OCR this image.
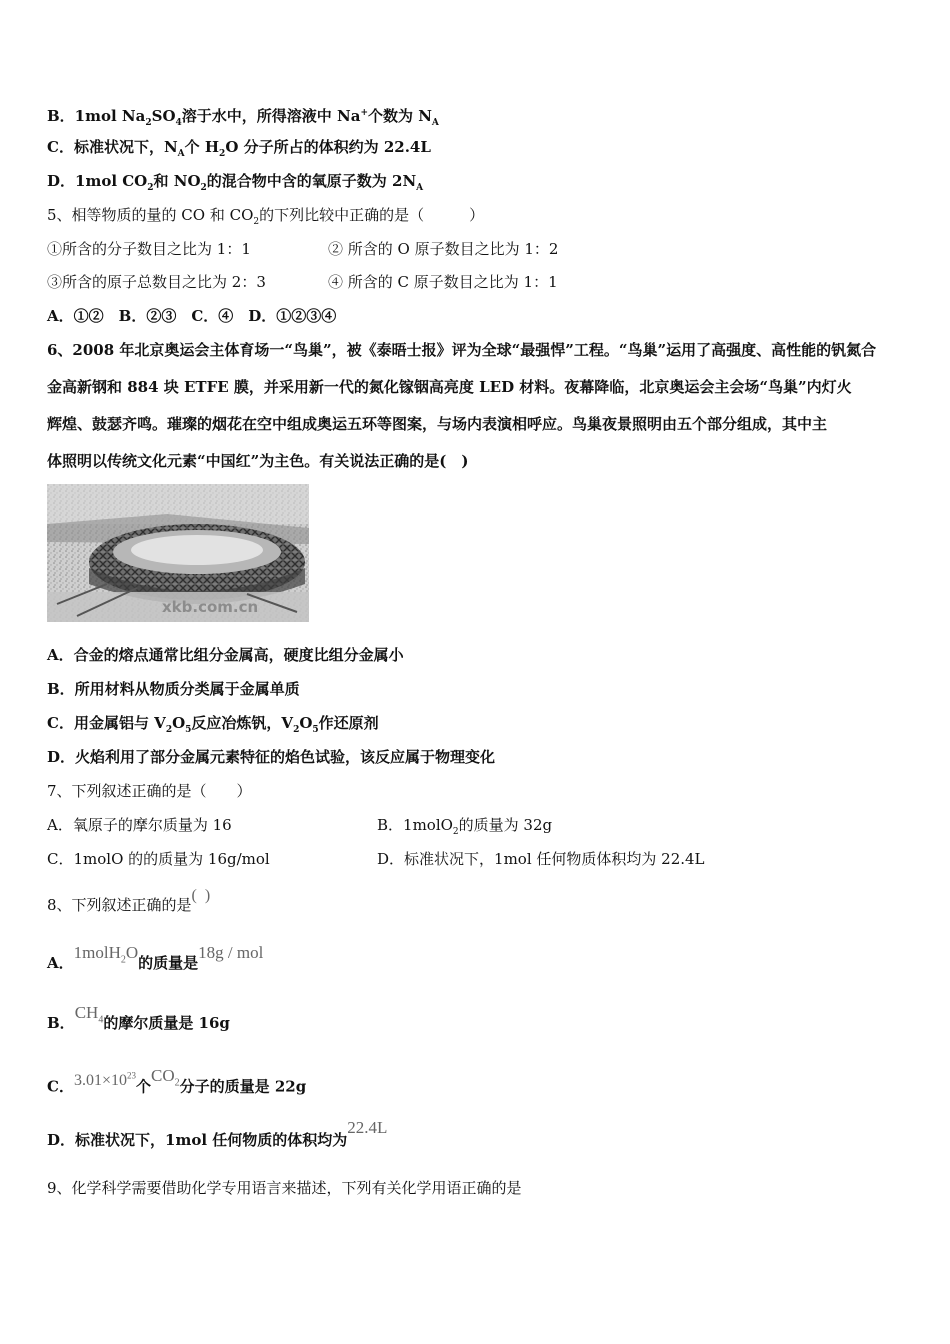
B．1mol $Na_2SO_4$溶于水中，所得溶液中 Na+个数为 $N_A$
C．标准状况下，$N_A$个 $H_2O$ 分子所占的体积约为 22.4L
D．1mol $CO_2$和 $NO_2$的混合物中含的氧原子数为 $2N_A$
5、相等物质的量的 CO 和 $CO_2$的下列比较中正确的是（　　　）
①所含的分子数目之比为 1：1	② 所含的 O 原子数目之比为 1：2
③所含的原子总数目之比为 2：3	④ 所含的 C 原子数目之比为 1：1
A．①②　B．②③　C．④　D．①②③④
6、2008 年北京奥运会主体育场一“鸟巢”，被《泰晤士报》评为全球“最强悍”工程。“鸟巢”运用了高强度、高性能的钒氮合
金高新钢和 884 块 ETFE 膜，并采用新一代的氮化镓铟高亮度 LED 材料。夜幕降临，北京奥运会主会场“鸟巢”内灯火
辉煌、鼓瑟齐鸣。璀璨的烟花在空中组成奥运五环等图案，与场内表演相呼应。鸟巢夜景照明由五个部分组成，其中主
体照明以传统文化元素“中国红”为主色。有关说法正确的是(　)
xkb.com.cn
A．合金的熔点通常比组分金属高，硬度比组分金属小
B．所用材料从物质分类属于金属单质
C．用金属铝与 $V_2O_5$反应冶炼钒，$V_2O_5$作还原剂
D．火焰利用了部分金属元素特征的焰色试验，该反应属于物理变化
7、下列叙述正确的是（　　）
A．氧原子的摩尔质量为 16	B．1molO$_2$的质量为 32g
C．1molO 的的质量为 16g/mol	D．标准状况下，1mol 任何物质体积均为 22.4L
8、下列叙述正确的是( )
A．1molH$_2$O的质量是18g / mol
B．$CH_4$的摩尔质量是 16g
C．$3.01\times 10^{23}$个$CO_2$分子的质量是 22g
D．标准状况下，1mol 任何物质的体积均为22.4L
9、化学科学需要借助化学专用语言来描述，下列有关化学用语正确的是
